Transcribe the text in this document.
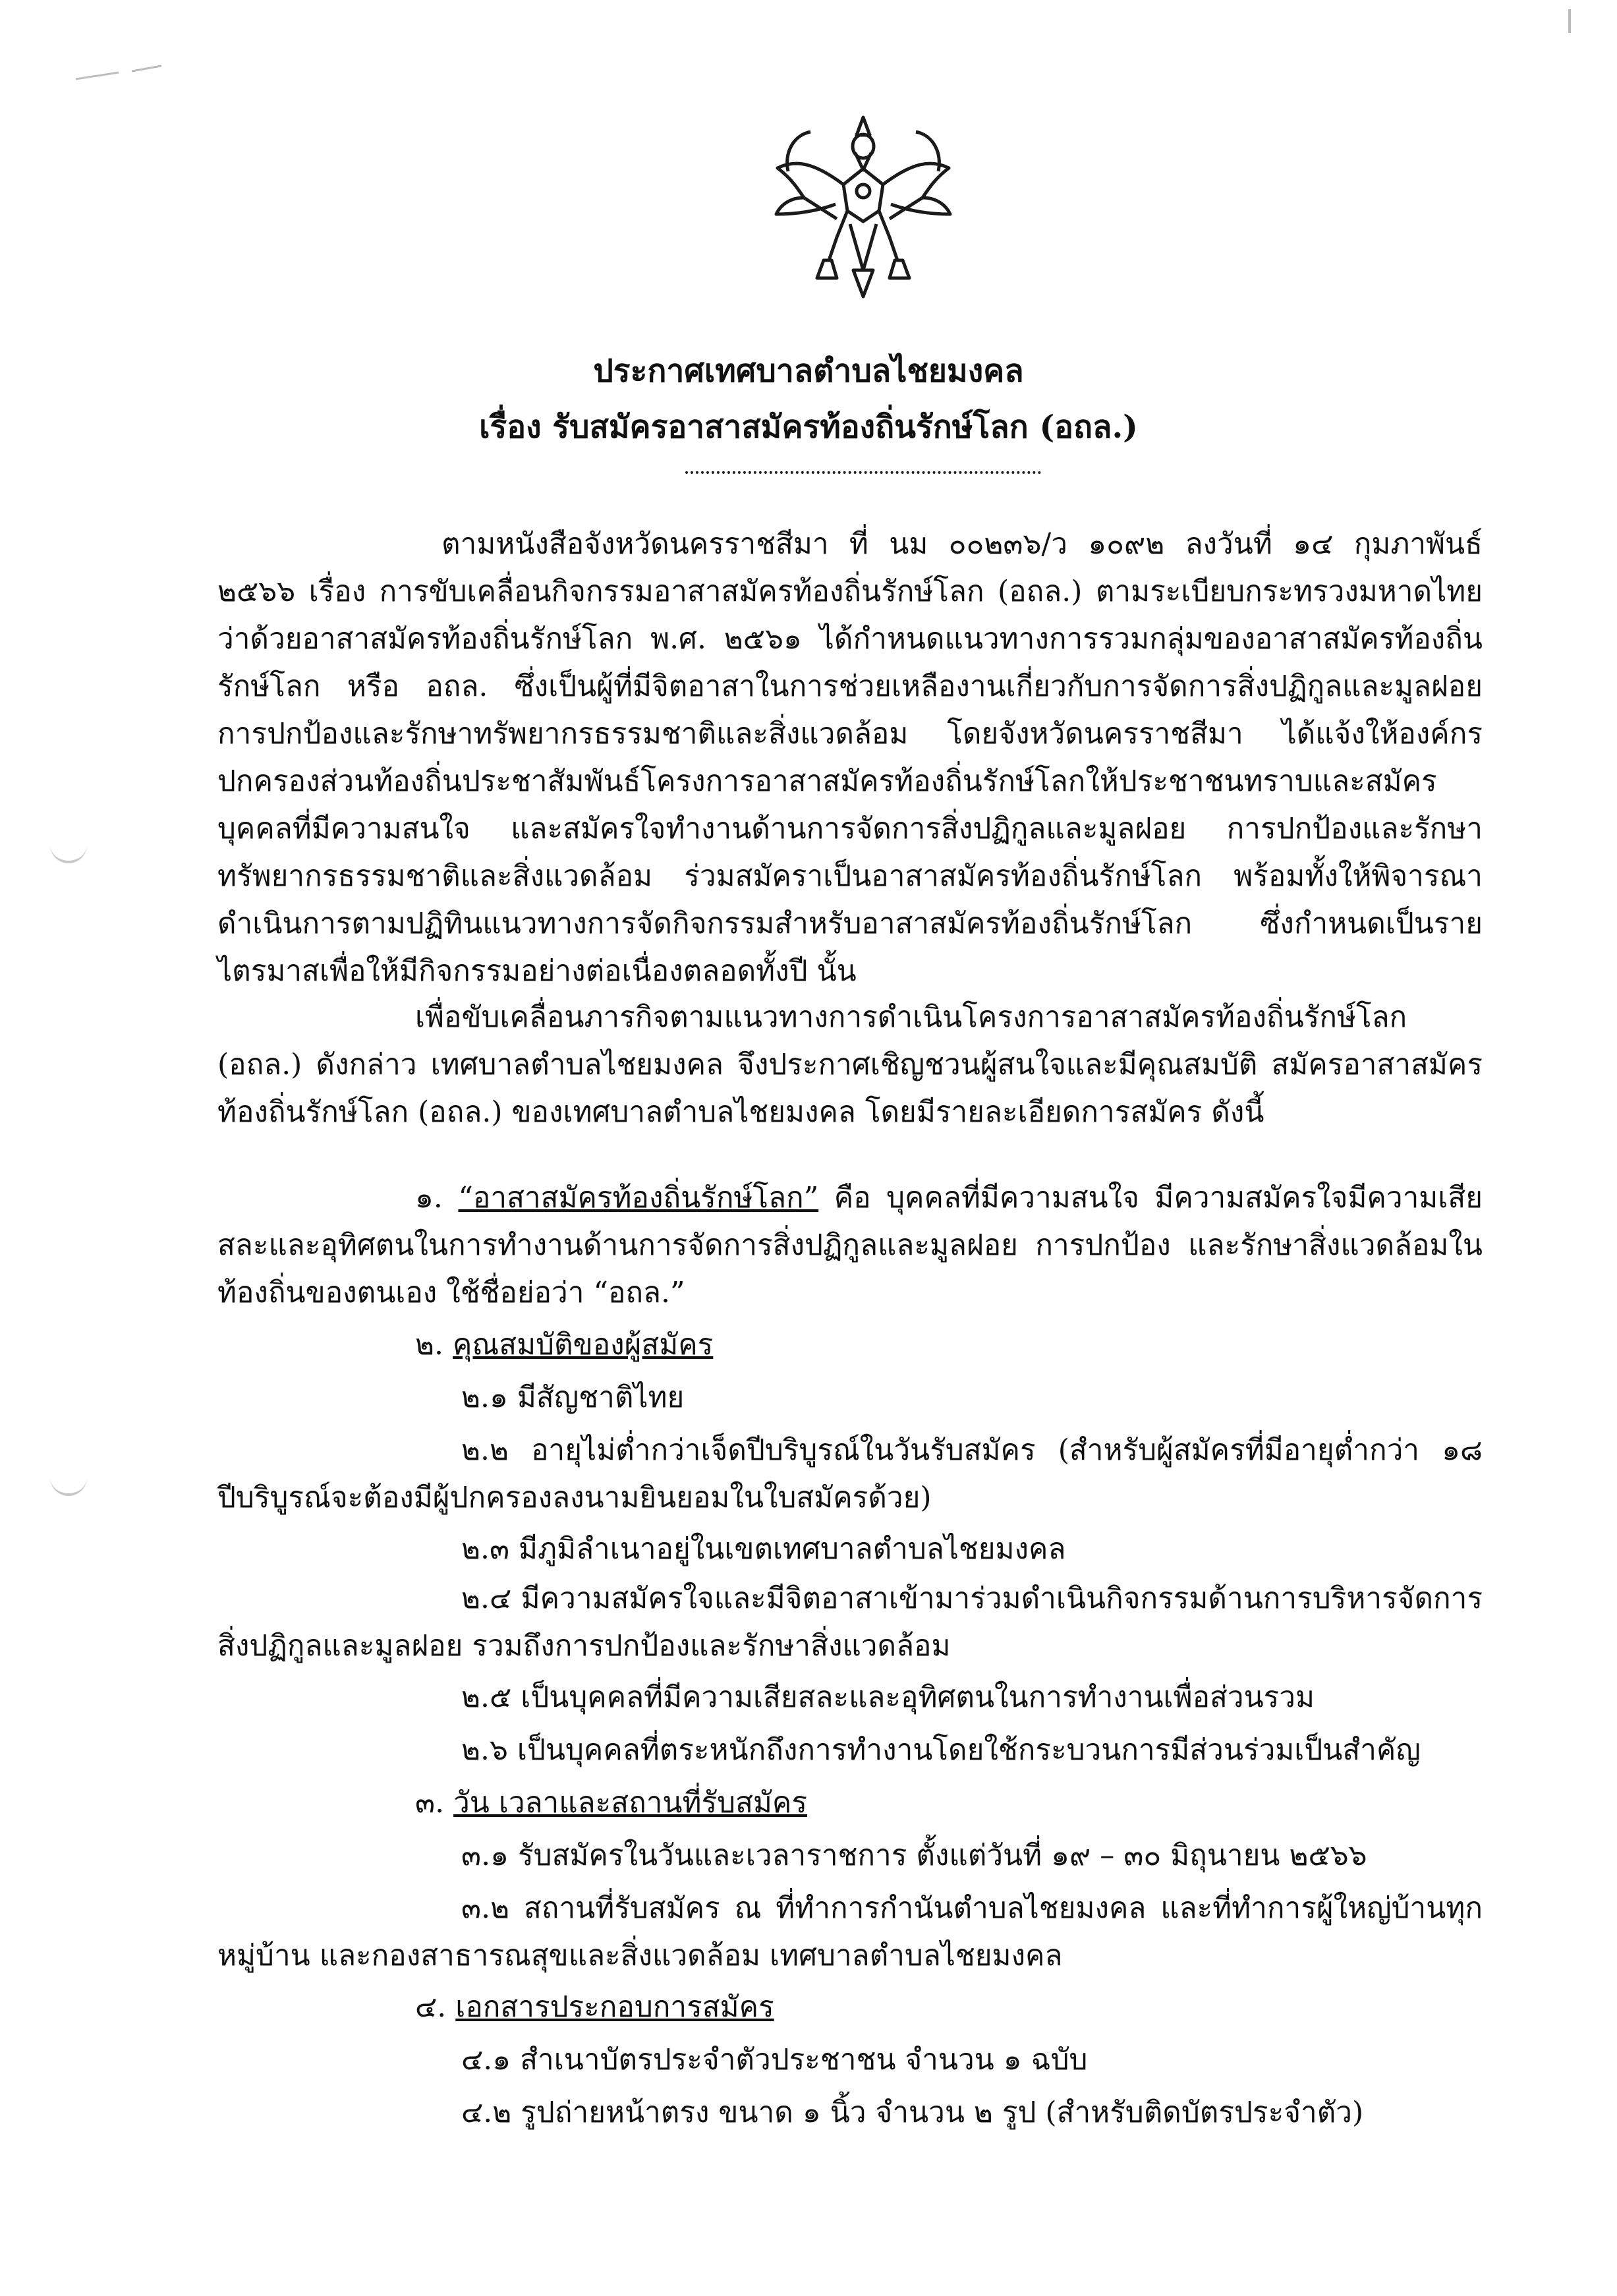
ประกาศเทศบาลตำบลไชยมงคล
เรื่อง รับสมัครอาสาสมัครท้องถิ่นรักษ์โลก (อถล.)
ตามหนังสือจังหวัดนครราชสีมา ที่ นม ๐๐๒๓๖/ว ๑๐๙๒ ลงวันที่ ๑๔ กุมภาพันธ์ ๒๕๖๖ เรื่อง การขับเคลื่อนกิจกรรมอาสาสมัครท้องถิ่นรักษ์โลก (อถล.) ตามระเบียบกระทรวงมหาดไทย ว่าด้วยอาสาสมัครท้องถิ่นรักษ์โลก พ.ศ. ๒๕๖๑ ได้กำหนดแนวทางการรวมกลุ่มของอาสาสมัครท้องถิ่นรักษ์โลก หรือ อถล. ซึ่งเป็นผู้ที่มีจิตอาสาในการช่วยเหลืองานเกี่ยวกับการจัดการสิ่งปฏิกูลและมูลฝอย การปกป้องและรักษาทรัพยากรธรรมชาติและสิ่งแวดล้อม โดยจังหวัดนครราชสีมา ได้แจ้งให้องค์กรปกครองส่วนท้องถิ่นประชาสัมพันธ์โครงการอาสาสมัครท้องถิ่นรักษ์โลกให้ประชาชนทราบและสมัครบุคคลที่มีความสนใจ และสมัครใจทำงานด้านการจัดการสิ่งปฏิกูลและมูลฝอย การปกป้องและรักษาทรัพยากรธรรมชาติและสิ่งแวดล้อม ร่วมสมัคราเป็นอาสาสมัครท้องถิ่นรักษ์โลก พร้อมทั้งให้พิจารณาดำเนินการตามปฏิทินแนวทางการจัดกิจกรรมสำหรับอาสาสมัครท้องถิ่นรักษ์โลก ซึ่งกำหนดเป็นรายไตรมาสเพื่อให้มีกิจกรรมอย่างต่อเนื่องตลอดทั้งปี นั้น
เพื่อขับเคลื่อนภารกิจตามแนวทางการดำเนินโครงการอาสาสมัครท้องถิ่นรักษ์โลก (อถล.) ดังกล่าว เทศบาลตำบลไชยมงคล จึงประกาศเชิญชวนผู้สนใจและมีคุณสมบัติ สมัครอาสาสมัครท้องถิ่นรักษ์โลก (อถล.) ของเทศบาลตำบลไชยมงคล โดยมีรายละเอียดการสมัคร ดังนี้
๑. “อาสาสมัครท้องถิ่นรักษ์โลก” คือ บุคคลที่มีความสนใจ มีความสมัครใจมีความเสียสละและอุทิศตนในการทำงานด้านการจัดการสิ่งปฏิกูลและมูลฝอย การปกป้อง และรักษาสิ่งแวดล้อมในท้องถิ่นของตนเอง ใช้ชื่อย่อว่า “อถล.”
๒. คุณสมบัติของผู้สมัคร
๒.๑ มีสัญชาติไทย
๒.๒ อายุไม่ต่ำกว่าเจ็ดปีบริบูรณ์ในวันรับสมัคร (สำหรับผู้สมัครที่มีอายุต่ำกว่า ๑๘ ปีบริบูรณ์จะต้องมีผู้ปกครองลงนามยินยอมในใบสมัครด้วย)
๒.๓ มีภูมิลำเนาอยู่ในเขตเทศบาลตำบลไชยมงคล
๒.๔ มีความสมัครใจและมีจิตอาสาเข้ามาร่วมดำเนินกิจกรรมด้านการบริหารจัดการสิ่งปฏิกูลและมูลฝอย รวมถึงการปกป้องและรักษาสิ่งแวดล้อม
๒.๕ เป็นบุคคลที่มีความเสียสละและอุทิศตนในการทำงานเพื่อส่วนรวม
๒.๖ เป็นบุคคลที่ตระหนักถึงการทำงานโดยใช้กระบวนการมีส่วนร่วมเป็นสำคัญ
๓. วัน เวลาและสถานที่รับสมัคร
๓.๑ รับสมัครในวันและเวลาราชการ ตั้งแต่วันที่ ๑๙ – ๓๐ มิถุนายน ๒๕๖๖
๓.๒ สถานที่รับสมัคร ณ ที่ทำการกำนันตำบลไชยมงคล และที่ทำการผู้ใหญ่บ้านทุกหมู่บ้าน และกองสาธารณสุขและสิ่งแวดล้อม เทศบาลตำบลไชยมงคล
๔. เอกสารประกอบการสมัคร
๔.๑ สำเนาบัตรประจำตัวประชาชน จำนวน ๑ ฉบับ
๔.๒ รูปถ่ายหน้าตรง ขนาด ๑ นิ้ว จำนวน ๒ รูป (สำหรับติดบัตรประจำตัว)
